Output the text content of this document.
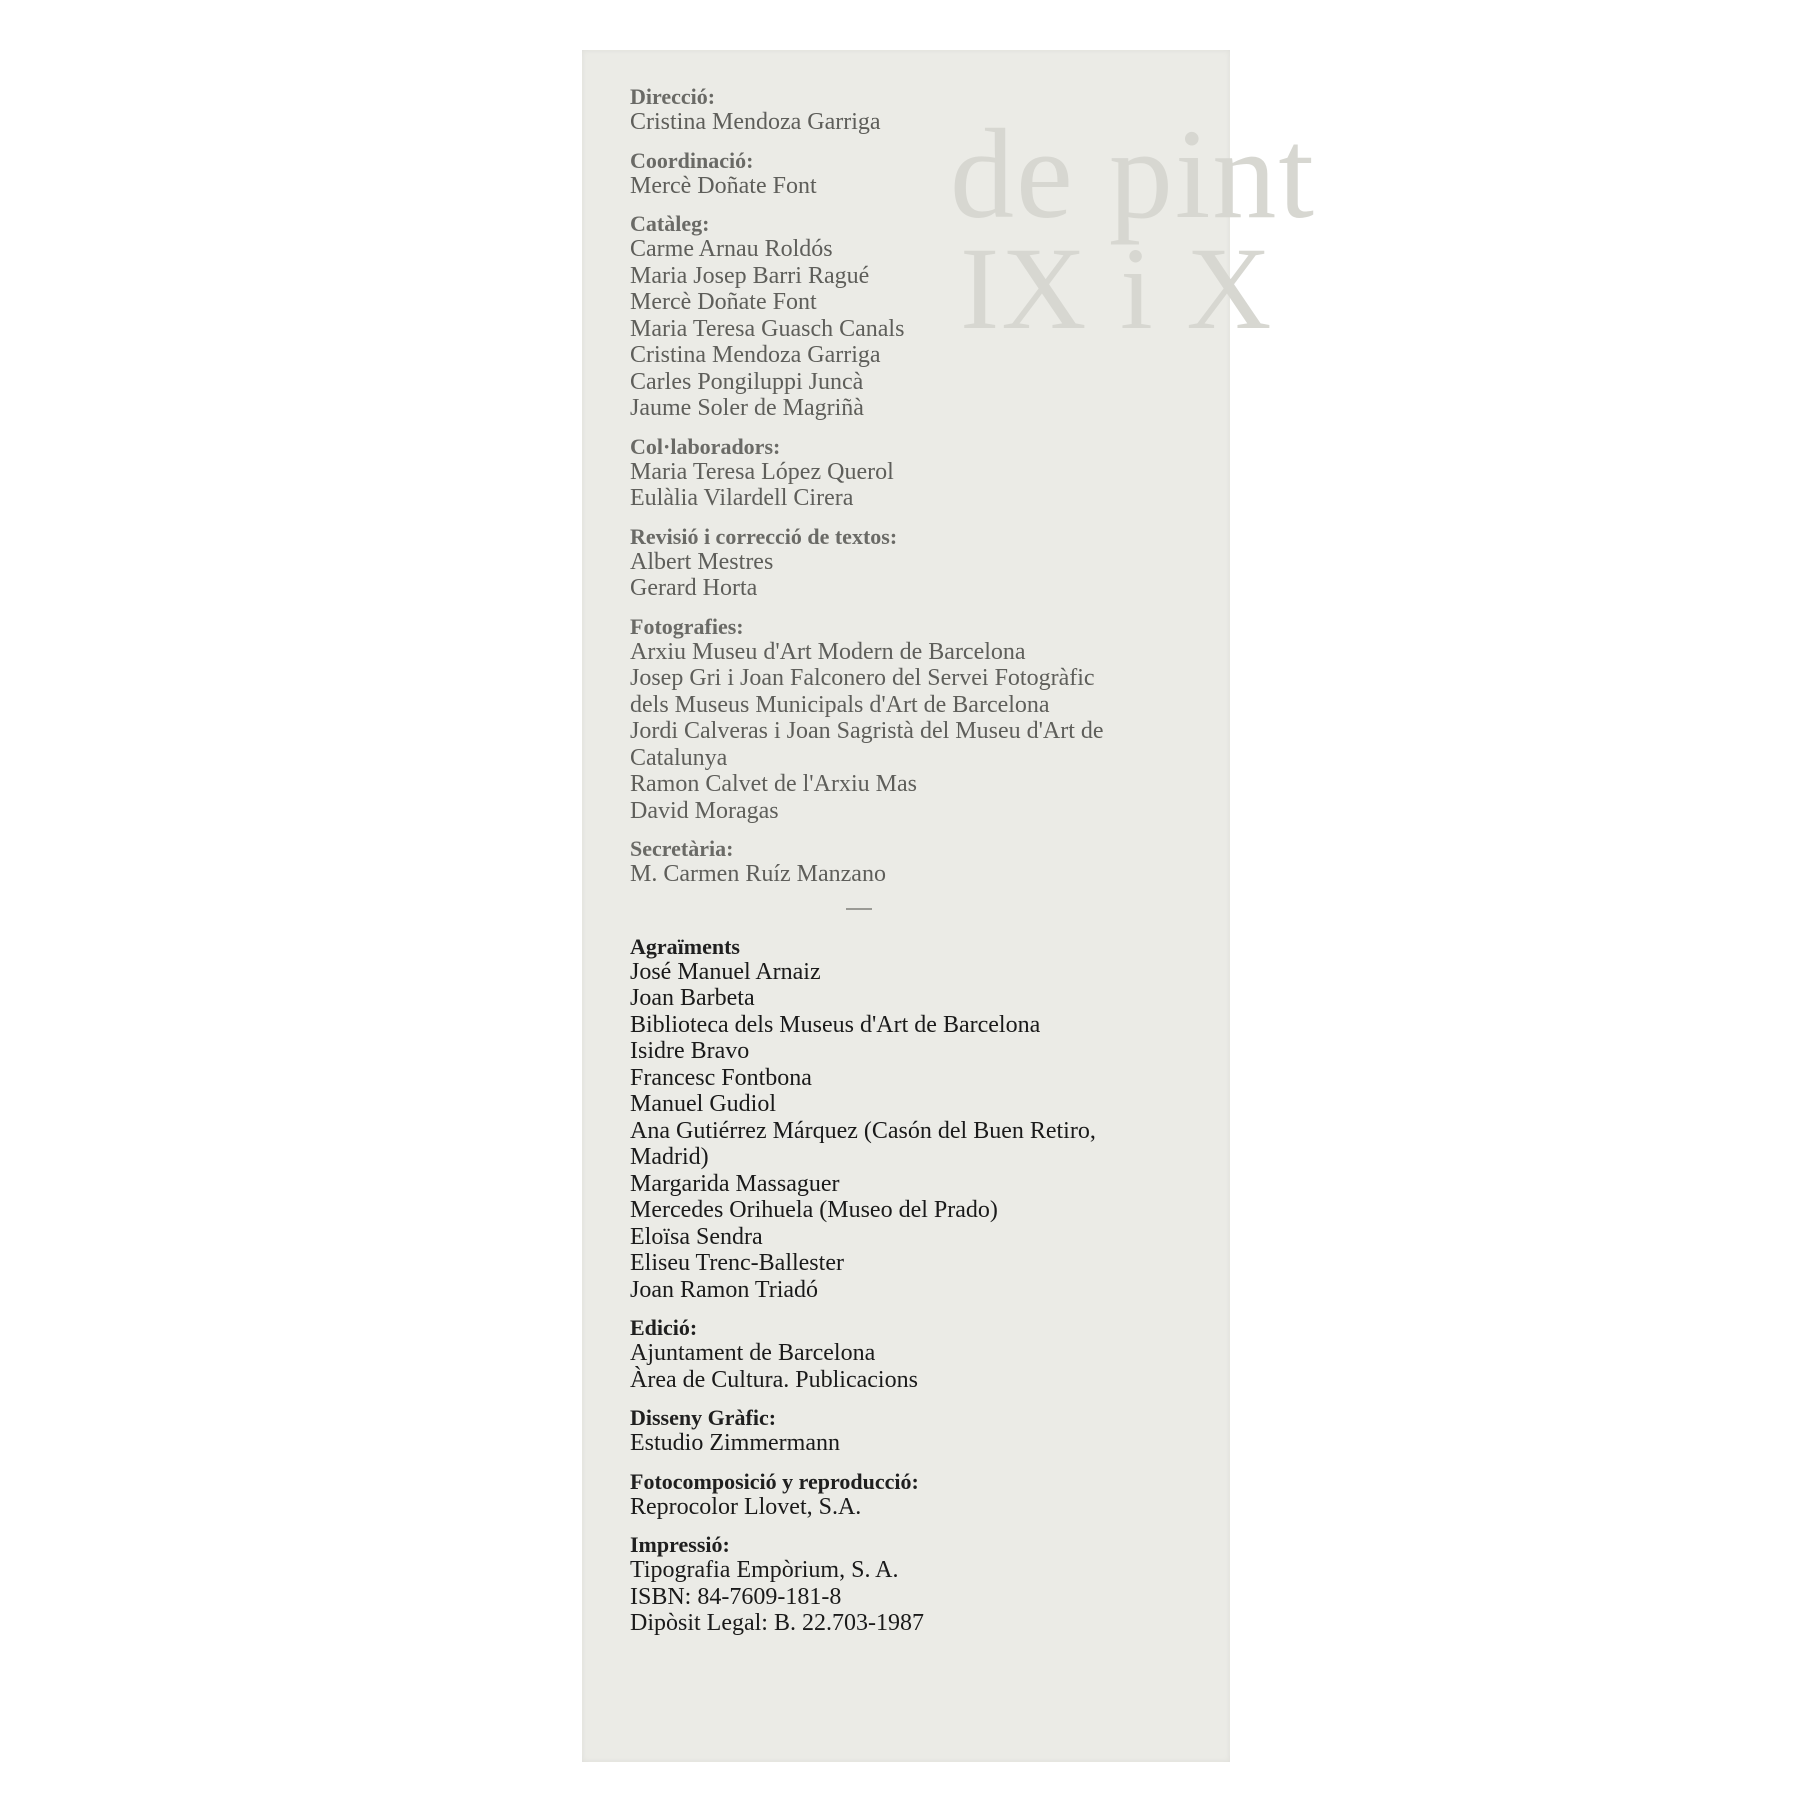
de pint
IX i X
Direcció:
Cristina Mendoza Garriga
Coordinació:
Mercè Doñate Font
Catàleg:
Carme Arnau Roldós
Maria Josep Barri Ragué
Mercè Doñate Font
Maria Teresa Guasch Canals
Cristina Mendoza Garriga
Carles Pongiluppi Juncà
Jaume Soler de Magriñà
Col·laboradors:
Maria Teresa López Querol
Eulàlia Vilardell Cirera
Revisió i correcció de textos:
Albert Mestres
Gerard Horta
Fotografies:
Arxiu Museu d'Art Modern de Barcelona
Josep Gri i Joan Falconero del Servei Fotogràfic
dels Museus Municipals d'Art de Barcelona
Jordi Calveras i Joan Sagristà del Museu d'Art de
Catalunya
Ramon Calvet de l'Arxiu Mas
David Moragas
Secretària:
M. Carmen Ruíz Manzano
Agraïments
José Manuel Arnaiz
Joan Barbeta
Biblioteca dels Museus d'Art de Barcelona
Isidre Bravo
Francesc Fontbona
Manuel Gudiol
Ana Gutiérrez Márquez (Casón del Buen Retiro,
Madrid)
Margarida Massaguer
Mercedes Orihuela (Museo del Prado)
Eloïsa Sendra
Eliseu Trenc-Ballester
Joan Ramon Triadó
Edició:
Ajuntament de Barcelona
Àrea de Cultura. Publicacions
Disseny Gràfic:
Estudio Zimmermann
Fotocomposició y reproducció:
Reprocolor Llovet, S.A.
Impressió:
Tipografia Empòrium, S. A.
ISBN: 84-7609-181-8
Dipòsit Legal: B. 22.703-1987
